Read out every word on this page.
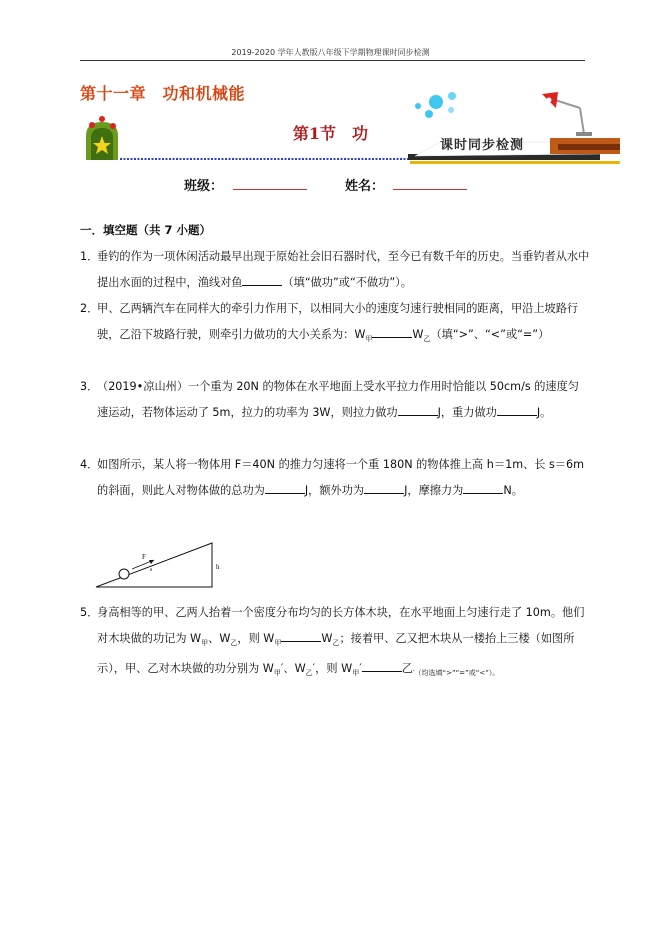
2019-2020 学年人教版八年级下学期物理课时同步检测
第十一章　功和机械能
第1节　功
课时同步检测
班级：	姓名：
一．填空题（共 7 小题）
1．
垂钓的作为一项休闲活动最早出现于原始社会旧石器时代，至今已有数千年的历史。当垂钓者从水中提出水面的过程中，渔线对鱼	（填“做功”或“不做功”）。
2．
甲、乙两辆汽车在同样大的牵引力作用下，以相同大小的速度匀速行驶相同的距离，甲沿上坡路行驶，乙沿下坡路行驶，则牵引力做功的大小关系为：$W_甲$	$W_乙$（填“>”、“<”或“=”）
3．
（2019•凉山州）一个重为 20N 的物体在水平地面上受水平拉力作用时恰能以 50cm/s 的速度匀速运动，若物体运动了 5m，拉力的功率为 3W，则拉力做功	J，重力做功	J。
4．
如图所示，某人将一物体用 F＝40N 的推力匀速将一个重 180N 的物体推上高 h＝1m、长 s＝6m 的斜面，则此人对物体做的总功为	J，额外功为	J，摩擦力为	N。
F
s	h
5．
身高相等的甲、乙两人抬着一个密度分布均匀的长方体木块，在水平地面上匀速行走了 10m。他们对木块做的功记为 $W_甲$、$W_乙$，则 $W_甲$	$W_乙$；接着甲、乙又把木块从一楼抬上三楼（如图所示），甲、乙对木块做的功分别为 $W_甲'$、$W_乙'$，则 $W_甲'$	乙$_{'(均选填“>”“=”或“<”)。}$
